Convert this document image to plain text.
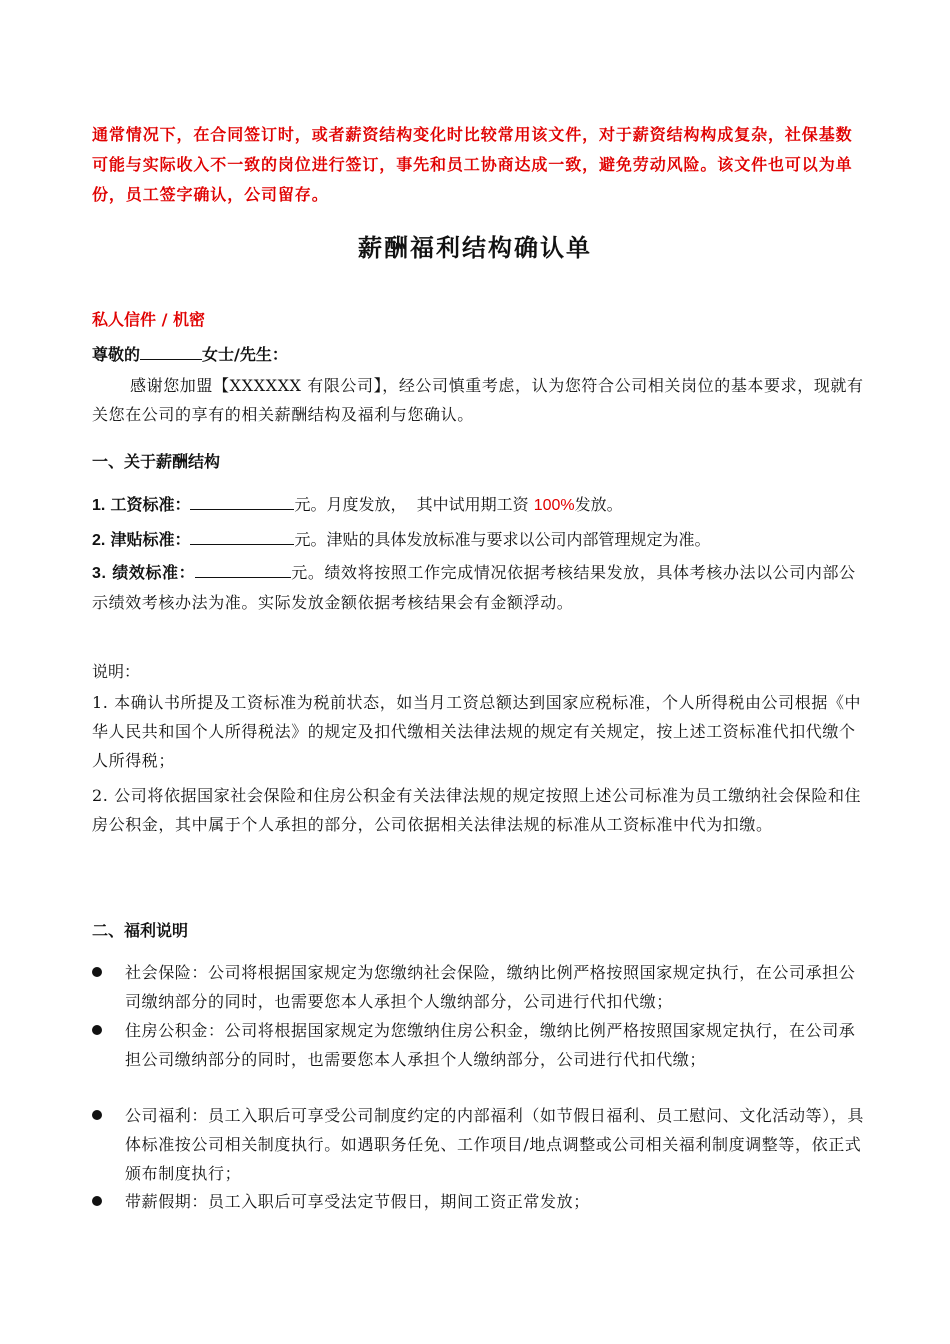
通常情况下，在合同签订时，或者薪资结构变化时比较常用该文件，对于薪资结构构成复杂，社保基数可能与实际收入不一致的岗位进行签订，事先和员工协商达成一致，避免劳动风险。该文件也可以为单份，员工签字确认，公司留存。
薪酬福利结构确认单
私人信件 / 机密
尊敬的	女士/先生：
感谢您加盟【XXXXXX 有限公司】，经公司慎重考虑，认为您符合公司相关岗位的基本要求，现就有关您在公司的享有的相关薪酬结构及福利与您确认。
一、关于薪酬结构
1. 工资标准：	元。月度发放，  其中试用期工资 100%发放。
2. 津贴标准：	元。津贴的具体发放标准与要求以公司内部管理规定为准。
3. 绩效标准：	元。绩效将按照工作完成情况依据考核结果发放，具体考核办法以公司内部公示绩效考核办法为准。实际发放金额依据考核结果会有金额浮动。
说明：
1. 本确认书所提及工资标准为税前状态，如当月工资总额达到国家应税标准，个人所得税由公司根据《中华人民共和国个人所得税法》的规定及扣代缴相关法律法规的规定有关规定，按上述工资标准代扣代缴个人所得税；
2. 公司将依据国家社会保险和住房公积金有关法律法规的规定按照上述公司标准为员工缴纳社会保险和住房公积金，其中属于个人承担的部分，公司依据相关法律法规的标准从工资标准中代为扣缴。
二、福利说明
社会保险：公司将根据国家规定为您缴纳社会保险，缴纳比例严格按照国家规定执行，在公司承担公司缴纳部分的同时，也需要您本人承担个人缴纳部分，公司进行代扣代缴；
住房公积金：公司将根据国家规定为您缴纳住房公积金，缴纳比例严格按照国家规定执行，在公司承担公司缴纳部分的同时，也需要您本人承担个人缴纳部分，公司进行代扣代缴；
公司福利：员工入职后可享受公司制度约定的内部福利（如节假日福利、员工慰问、文化活动等），具体标准按公司相关制度执行。如遇职务任免、工作项目/地点调整或公司相关福利制度调整等，依正式颁布制度执行；
带薪假期：员工入职后可享受法定节假日，期间工资正常发放；
